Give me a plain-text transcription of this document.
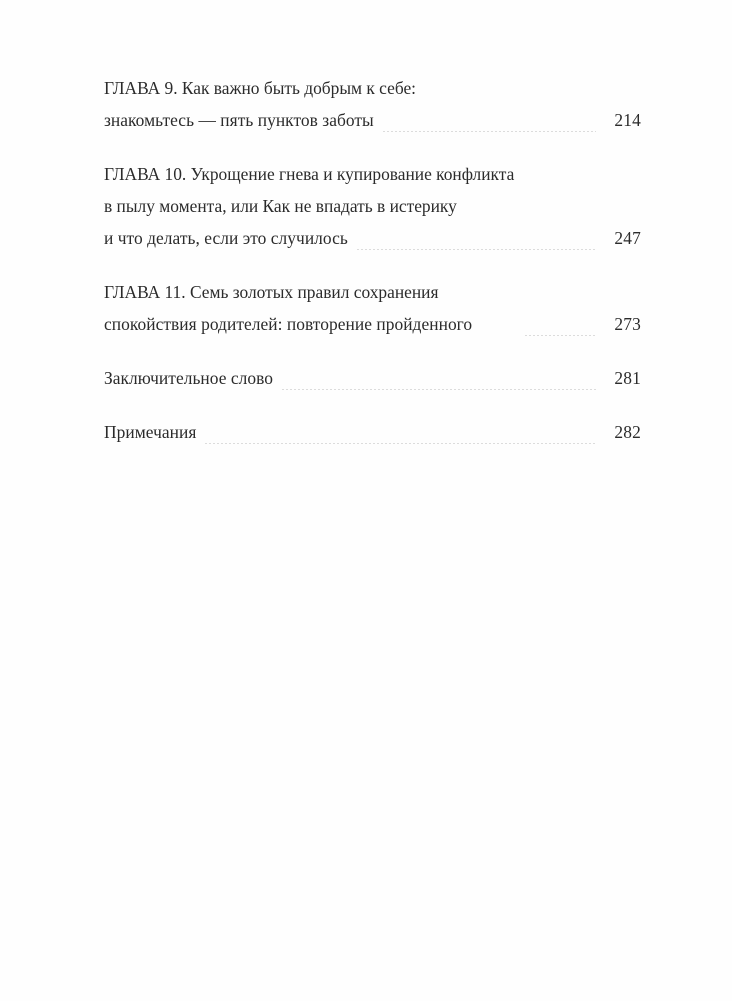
ГЛАВА 9. Как важно быть добрым к себе:
знакомьтесь — пять пунктов заботы	214
ГЛАВА 10. Укрощение гнева и купирование конфликта
в пылу момента, или Как не впадать в истерику
и что делать, если это случилось	247
ГЛАВА 11. Семь золотых правил сохранения
спокойствия родителей: повторение пройденного	273
Заключительное слово	281
Примечания	282
